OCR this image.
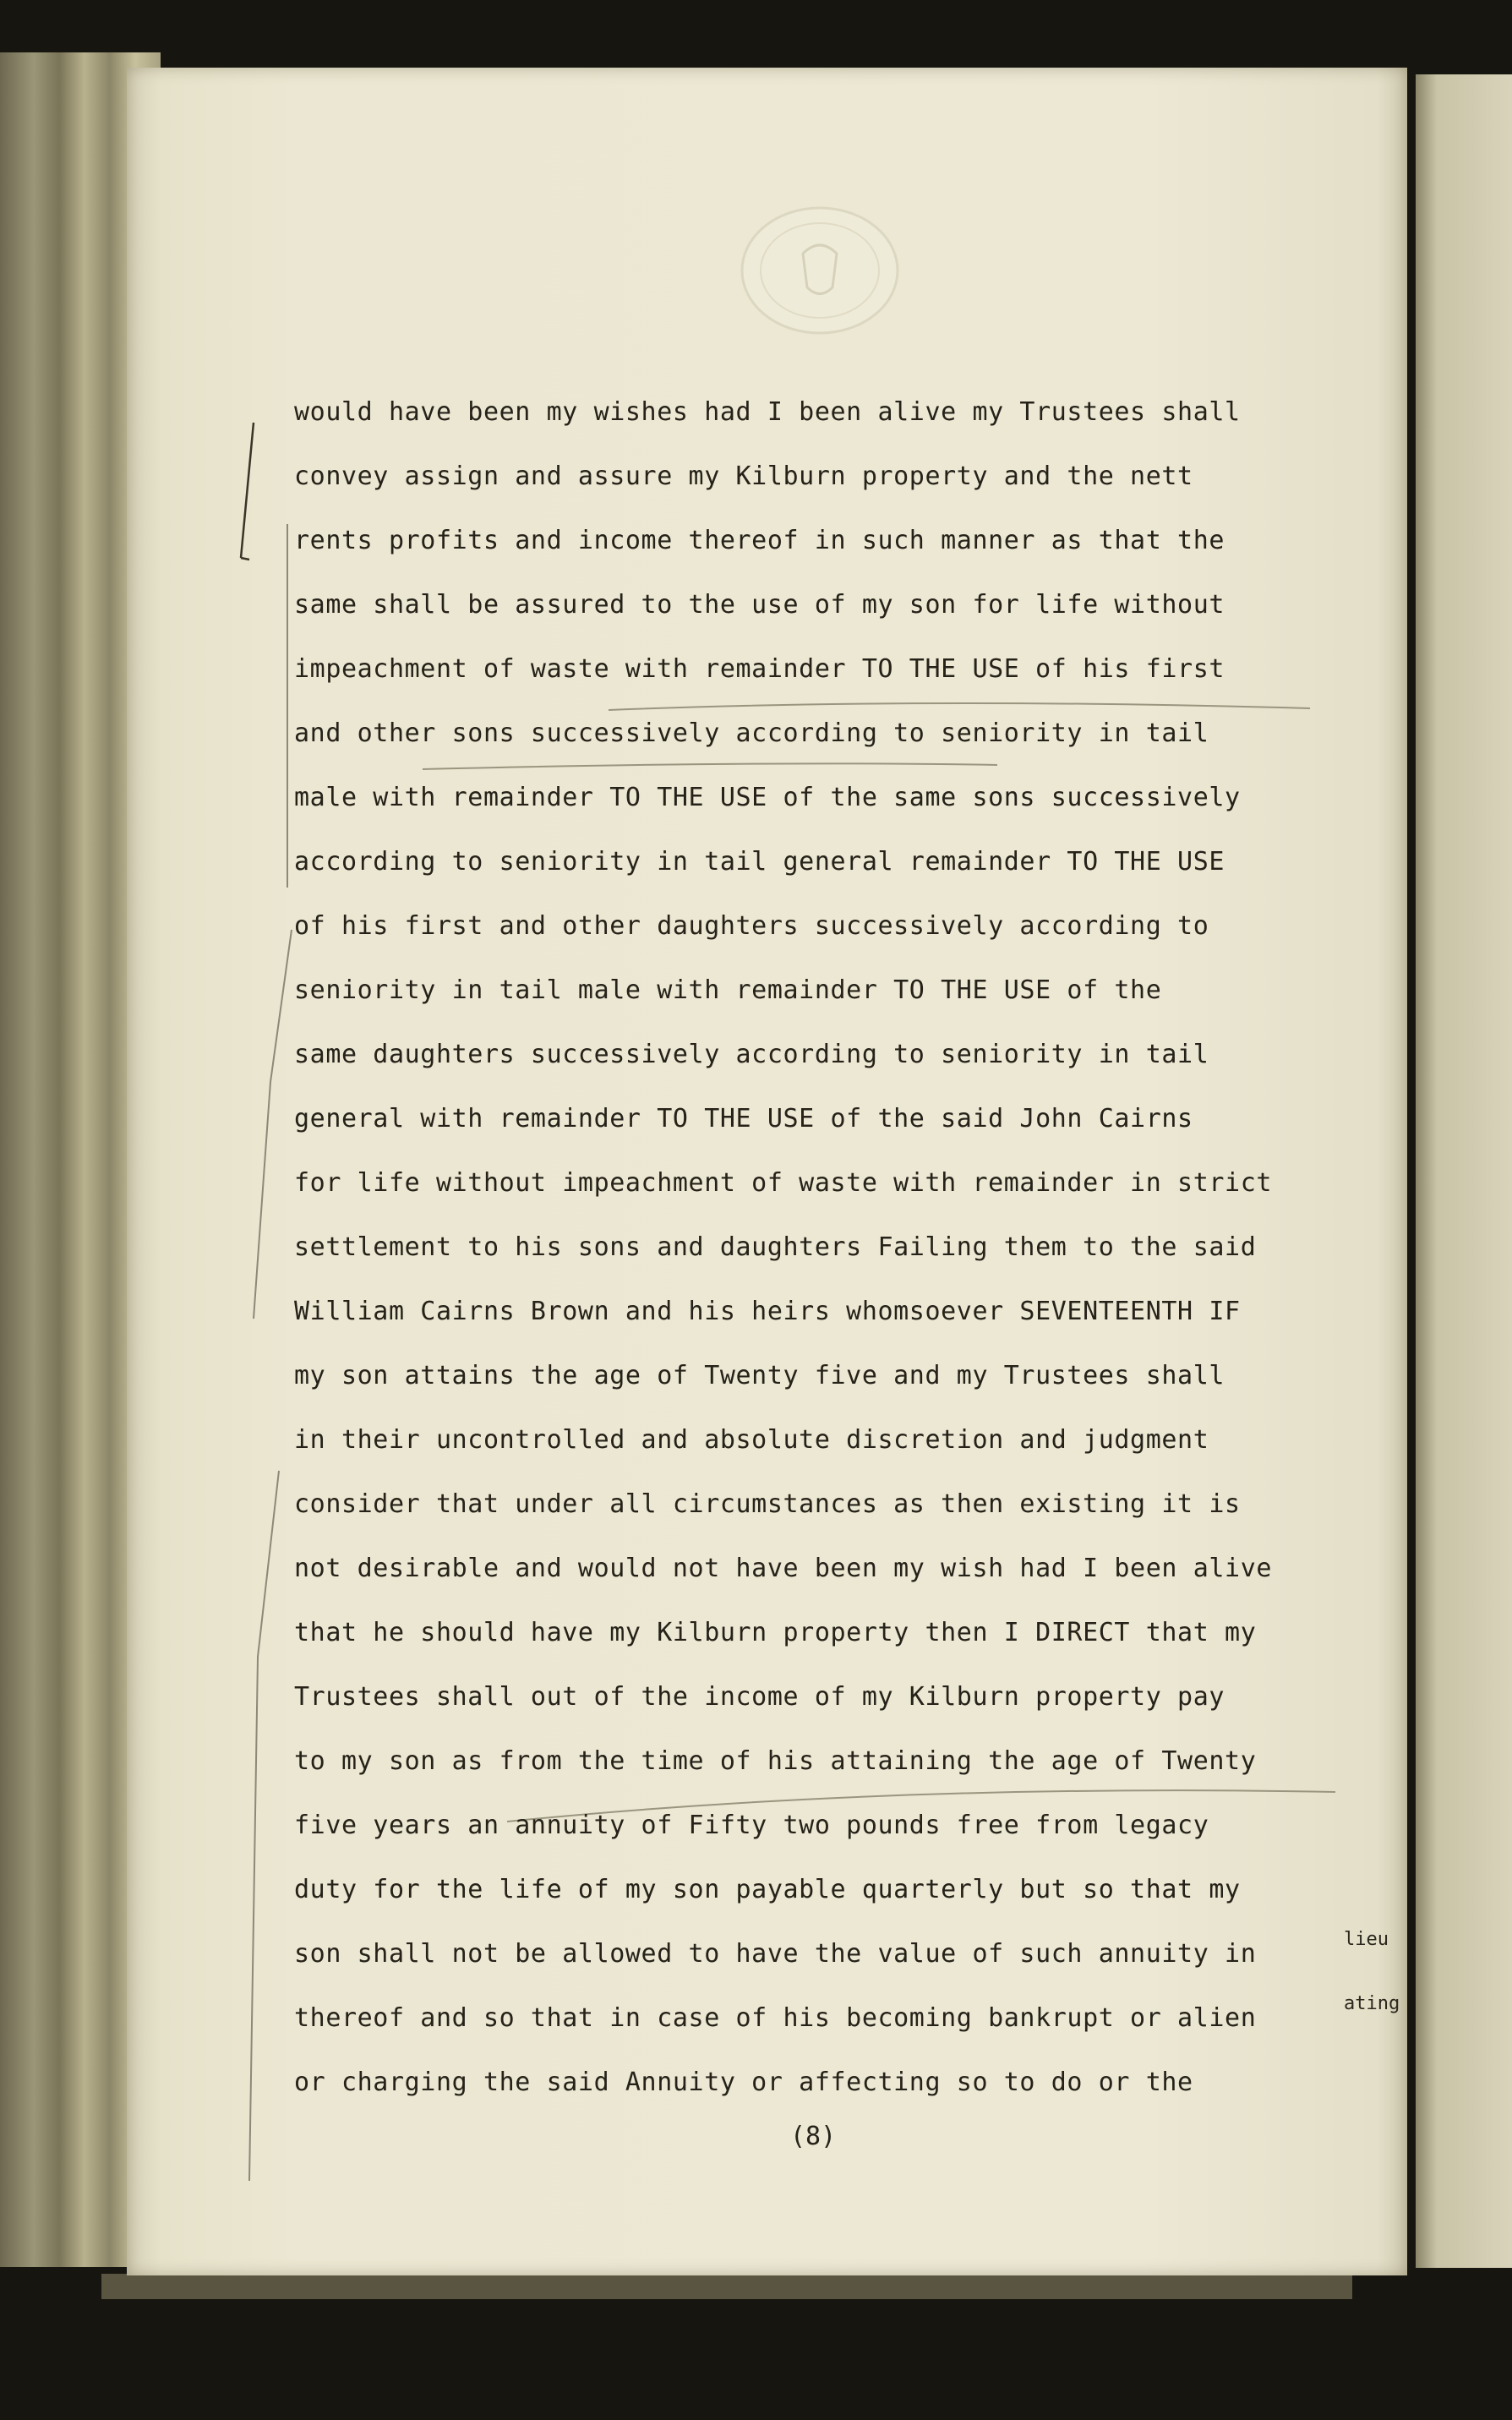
would have been my wishes had I been alive my Trustees shall

convey assign and assure my Kilburn property and the nett

rents profits and income thereof in such manner as that the

same shall be assured to the use of my son for life without

impeachment of waste with remainder TO THE USE of his first

and other sons successively according to seniority in tail

male with remainder TO THE USE of the same sons successively

according to seniority in tail general remainder TO THE USE

of his first and other daughters successively according to

seniority in tail male with remainder TO THE USE of the

same daughters successively according to seniority in tail

general with remainder TO THE USE of the said John Cairns

for life without impeachment of waste with remainder in strict

settlement to his sons and daughters Failing them to the said

William Cairns Brown and his heirs whomsoever SEVENTEENTH IF

my son attains the age of Twenty five and my Trustees shall

in their uncontrolled and absolute discretion and judgment

consider that under all circumstances as then existing it is

not desirable and would not have been my wish had I been alive

that he should have my Kilburn property then I DIRECT that my

Trustees shall out of the income of my Kilburn property pay

to my son as from the time of his attaining the age of Twenty

five years an annuity of Fifty two pounds free from legacy

duty for the life of my son payable quarterly but so that my

son shall not be allowed to have the value of such annuity in

thereof and so that in case of his becoming bankrupt or alien

or charging the said Annuity or affecting so to do or the

lieu

ating

(8)
